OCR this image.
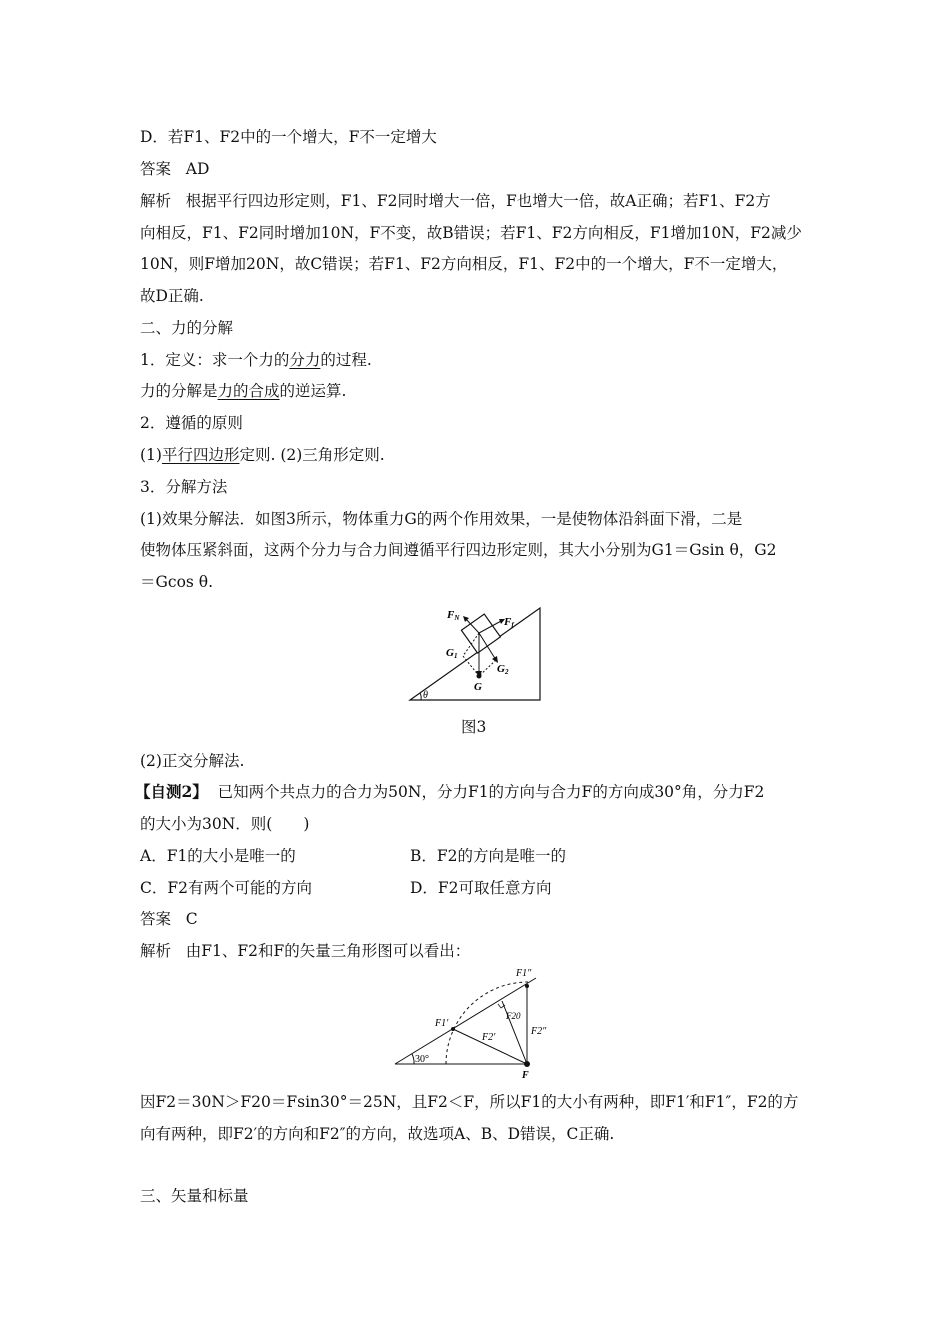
D．若F1、F2中的一个增大，F不一定增大
答案 AD
解析 根据平行四边形定则，F1、F2同时增大一倍，F也增大一倍，故A正确；若F1、F2方
向相反，F1、F2同时增加10N，F不变，故B错误；若F1、F2方向相反，F1增加10N，F2减少
10N，则F增加20N，故C错误；若F1、F2方向相反，F1、F2中的一个增大，F不一定增大，
故D正确.
二、力的分解
1．定义：求一个力的分力的过程.
力的分解是力的合成的逆运算.
2．遵循的原则
(1)平行四边形定则. (2)三角形定则.
3．分解方法
(1)效果分解法．如图3所示，物体重力G的两个作用效果，一是使物体沿斜面下滑，二是
使物体压紧斜面，这两个分力与合力间遵循平行四边形定则，其大小分别为G1＝Gsin θ，G2
＝Gcos θ.
FN	Ff
G1
G2
G
θ
图3
(2)正交分解法.
【自测2】 已知两个共点力的合力为50N，分力F1的方向与合力F的方向成30°角，分力F2
的大小为30N．则(　　)
A．F1的大小是唯一的	B．F2的方向是唯一的
C．F2有两个可能的方向	D．F2可取任意方向
答案 C
解析 由F1、F2和F的矢量三角形图可以看出：
F1″
F1′
F20
F2′
F2″
30°
F
因F2＝30N＞F20＝Fsin30°＝25N，且F2＜F，所以F1的大小有两种，即F1′和F1″，F2的方
向有两种，即F2′的方向和F2″的方向，故选项A、B、D错误，C正确.
三、矢量和标量
